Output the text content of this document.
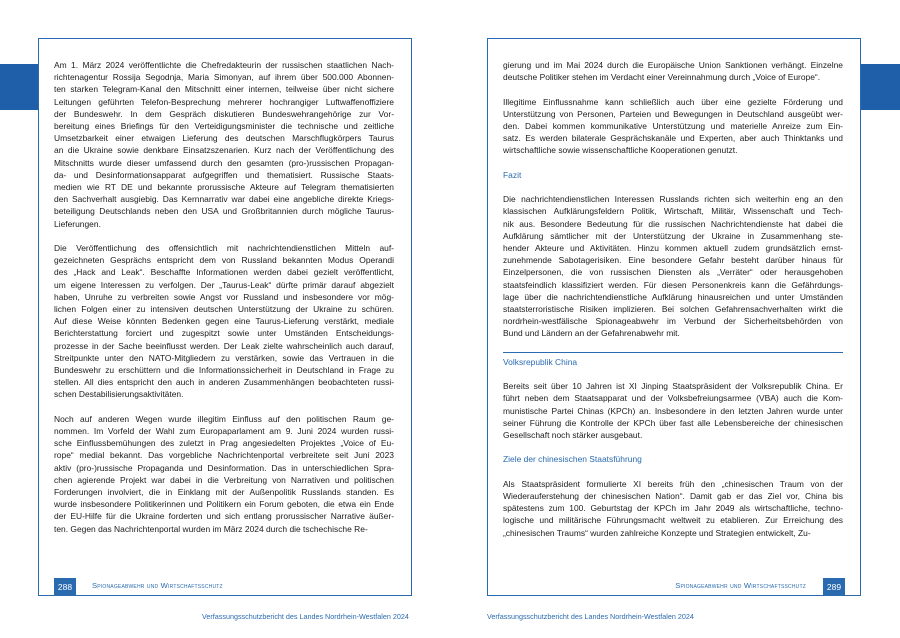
Am 1. März 2024 veröffentlichte die Chefredakteurin der russischen staatlichen Nach-
richtenagentur Rossija Segodnja, Maria Simonyan, auf ihrem über 500.000 Abonnen-
ten starken Telegram-Kanal den Mitschnitt einer internen, teilweise über nicht sichere
Leitungen geführten Telefon-Besprechung mehrerer hochrangiger Luftwaffenoffiziere
der Bundeswehr. In dem Gespräch diskutieren Bundeswehrangehörige zur Vor-
bereitung eines Briefings für den Verteidigungsminister die technische und zeitliche
Umsetzbarkeit einer etwaigen Lieferung des deutschen Marschflugkörpers Taurus
an die Ukraine sowie denkbare Einsatzszenarien. Kurz nach der Veröffentlichung des
Mitschnitts wurde dieser umfassend durch den gesamten (pro-)russischen Propagan-
da- und Desinformationsapparat aufgegriffen und thematisiert. Russische Staats-
medien wie RT DE und bekannte prorussische Akteure auf Telegram thematisierten
den Sachverhalt ausgiebig. Das Kernnarrativ war dabei eine angebliche direkte Kriegs-
beteiligung Deutschlands neben den USA und Großbritannien durch mögliche Taurus-
Lieferungen.

Die Veröffentlichung des offensichtlich mit nachrichtendienstlichen Mitteln auf-
gezeichneten Gesprächs entspricht dem von Russland bekannten Modus Operandi
des „Hack and Leak“. Beschaffte Informationen werden dabei gezielt veröffentlicht,
um eigene Interessen zu verfolgen. Der „Taurus-Leak“ dürfte primär darauf abgezielt
haben, Unruhe zu verbreiten sowie Angst vor Russland und insbesondere vor mög-
lichen Folgen einer zu intensiven deutschen Unterstützung der Ukraine zu schüren.
Auf diese Weise könnten Bedenken gegen eine Taurus-Lieferung verstärkt, mediale
Berichterstattung forciert und zugespitzt sowie unter Umständen Entscheidungs-
prozesse in der Sache beeinflusst werden. Der Leak zielte wahrscheinlich auch darauf,
Streitpunkte unter den NATO-Mitgliedern zu verstärken, sowie das Vertrauen in die
Bundeswehr zu erschüttern und die Informationssicherheit in Deutschland in Frage zu
stellen. All dies entspricht den auch in anderen Zusammenhängen beobachteten russi-
schen Destabilisierungsaktivitäten.

Noch auf anderen Wegen wurde illegitim Einfluss auf den politischen Raum ge-
nommen. Im Vorfeld der Wahl zum Europaparlament am 9. Juni 2024 wurden russi-
sche Einflussbemühungen des zuletzt in Prag angesiedelten Projektes „Voice of Eu-
rope“ medial bekannt. Das vorgebliche Nachrichtenportal verbreitete seit Juni 2023
aktiv (pro-)russische Propaganda und Desinformation. Das in unterschiedlichen Spra-
chen agierende Projekt war dabei in die Verbreitung von Narrativen und politischen
Forderungen involviert, die in Einklang mit der Außenpolitik Russlands standen. Es
wurde insbesondere Politikerinnen und Politikern ein Forum geboten, die etwa ein Ende
der EU-Hilfe für die Ukraine forderten und sich entlang prorussischer Narrative äußer-
ten. Gegen das Nachrichtenportal wurden im März 2024 durch die tschechische Re-

gierung und im Mai 2024 durch die Europäische Union Sanktionen verhängt. Einzelne
deutsche Politiker stehen im Verdacht einer Vereinnahmung durch „Voice of Europe“.

Illegitime Einflussnahme kann schließlich auch über eine gezielte Förderung und
Unterstützung von Personen, Parteien und Bewegungen in Deutschland ausgeübt wer-
den. Dabei kommen kommunikative Unterstützung und materielle Anreize zum Ein-
satz. Es werden bilaterale Gesprächskanäle und Experten, aber auch Thinktanks und
wirtschaftliche sowie wissenschaftliche Kooperationen genutzt.

Fazit

Die nachrichtendienstlichen Interessen Russlands richten sich weiterhin eng an den
klassischen Aufklärungsfeldern Politik, Wirtschaft, Militär, Wissenschaft und Tech-
nik aus. Besondere Bedeutung für die russischen Nachrichtendienste hat dabei die
Aufklärung sämtlicher mit der Unterstützung der Ukraine in Zusammenhang ste-
hender Akteure und Aktivitäten. Hinzu kommen aktuell zudem grundsätzlich ernst-
zunehmende Sabotagerisiken. Eine besondere Gefahr besteht darüber hinaus für
Einzelpersonen, die von russischen Diensten als „Verräter“ oder herausgehoben
staatsfeindlich klassifiziert werden. Für diesen Personenkreis kann die Gefährdungs-
lage über die nachrichtendienstliche Aufklärung hinausreichen und unter Umständen
staatsterroristische Risiken implizieren. Bei solchen Gefahrensachverhalten wirkt die
nordrhein-westfälische Spionageabwehr im Verbund der Sicherheitsbehörden von
Bund und Ländern an der Gefahrenabwehr mit.

Volksrepublik China

Bereits seit über 10 Jahren ist XI Jinping Staatspräsident der Volksrepublik China. Er
führt neben dem Staatsapparat und der Volksbefreiungsarmee (VBA) auch die Kom-
munistische Partei Chinas (KPCh) an. Insbesondere in den letzten Jahren wurde unter
seiner Führung die Kontrolle der KPCh über fast alle Lebensbereiche der chinesischen
Gesellschaft noch stärker ausgebaut.

Ziele der chinesischen Staatsführung

Als Staatspräsident formulierte XI bereits früh den „chinesischen Traum von der
Wiederauferstehung der chinesischen Nation“. Damit gab er das Ziel vor, China bis
spätestens zum 100. Geburtstag der KPCh im Jahr 2049 als wirtschaftliche, techno-
logische und militärische Führungsmacht weltweit zu etablieren. Zur Erreichung des
„chinesischen Traums“ wurden zahlreiche Konzepte und Strategien entwickelt, Zu-

288	Spionageabwehr und Wirtschaftsschutz	289
Spionageabwehr und Wirtschaftsschutz
Verfassungsschutzbericht des Landes Nordrhein-Westfalen 2024	Verfassungsschutzbericht des Landes Nordrhein-Westfalen 2024
